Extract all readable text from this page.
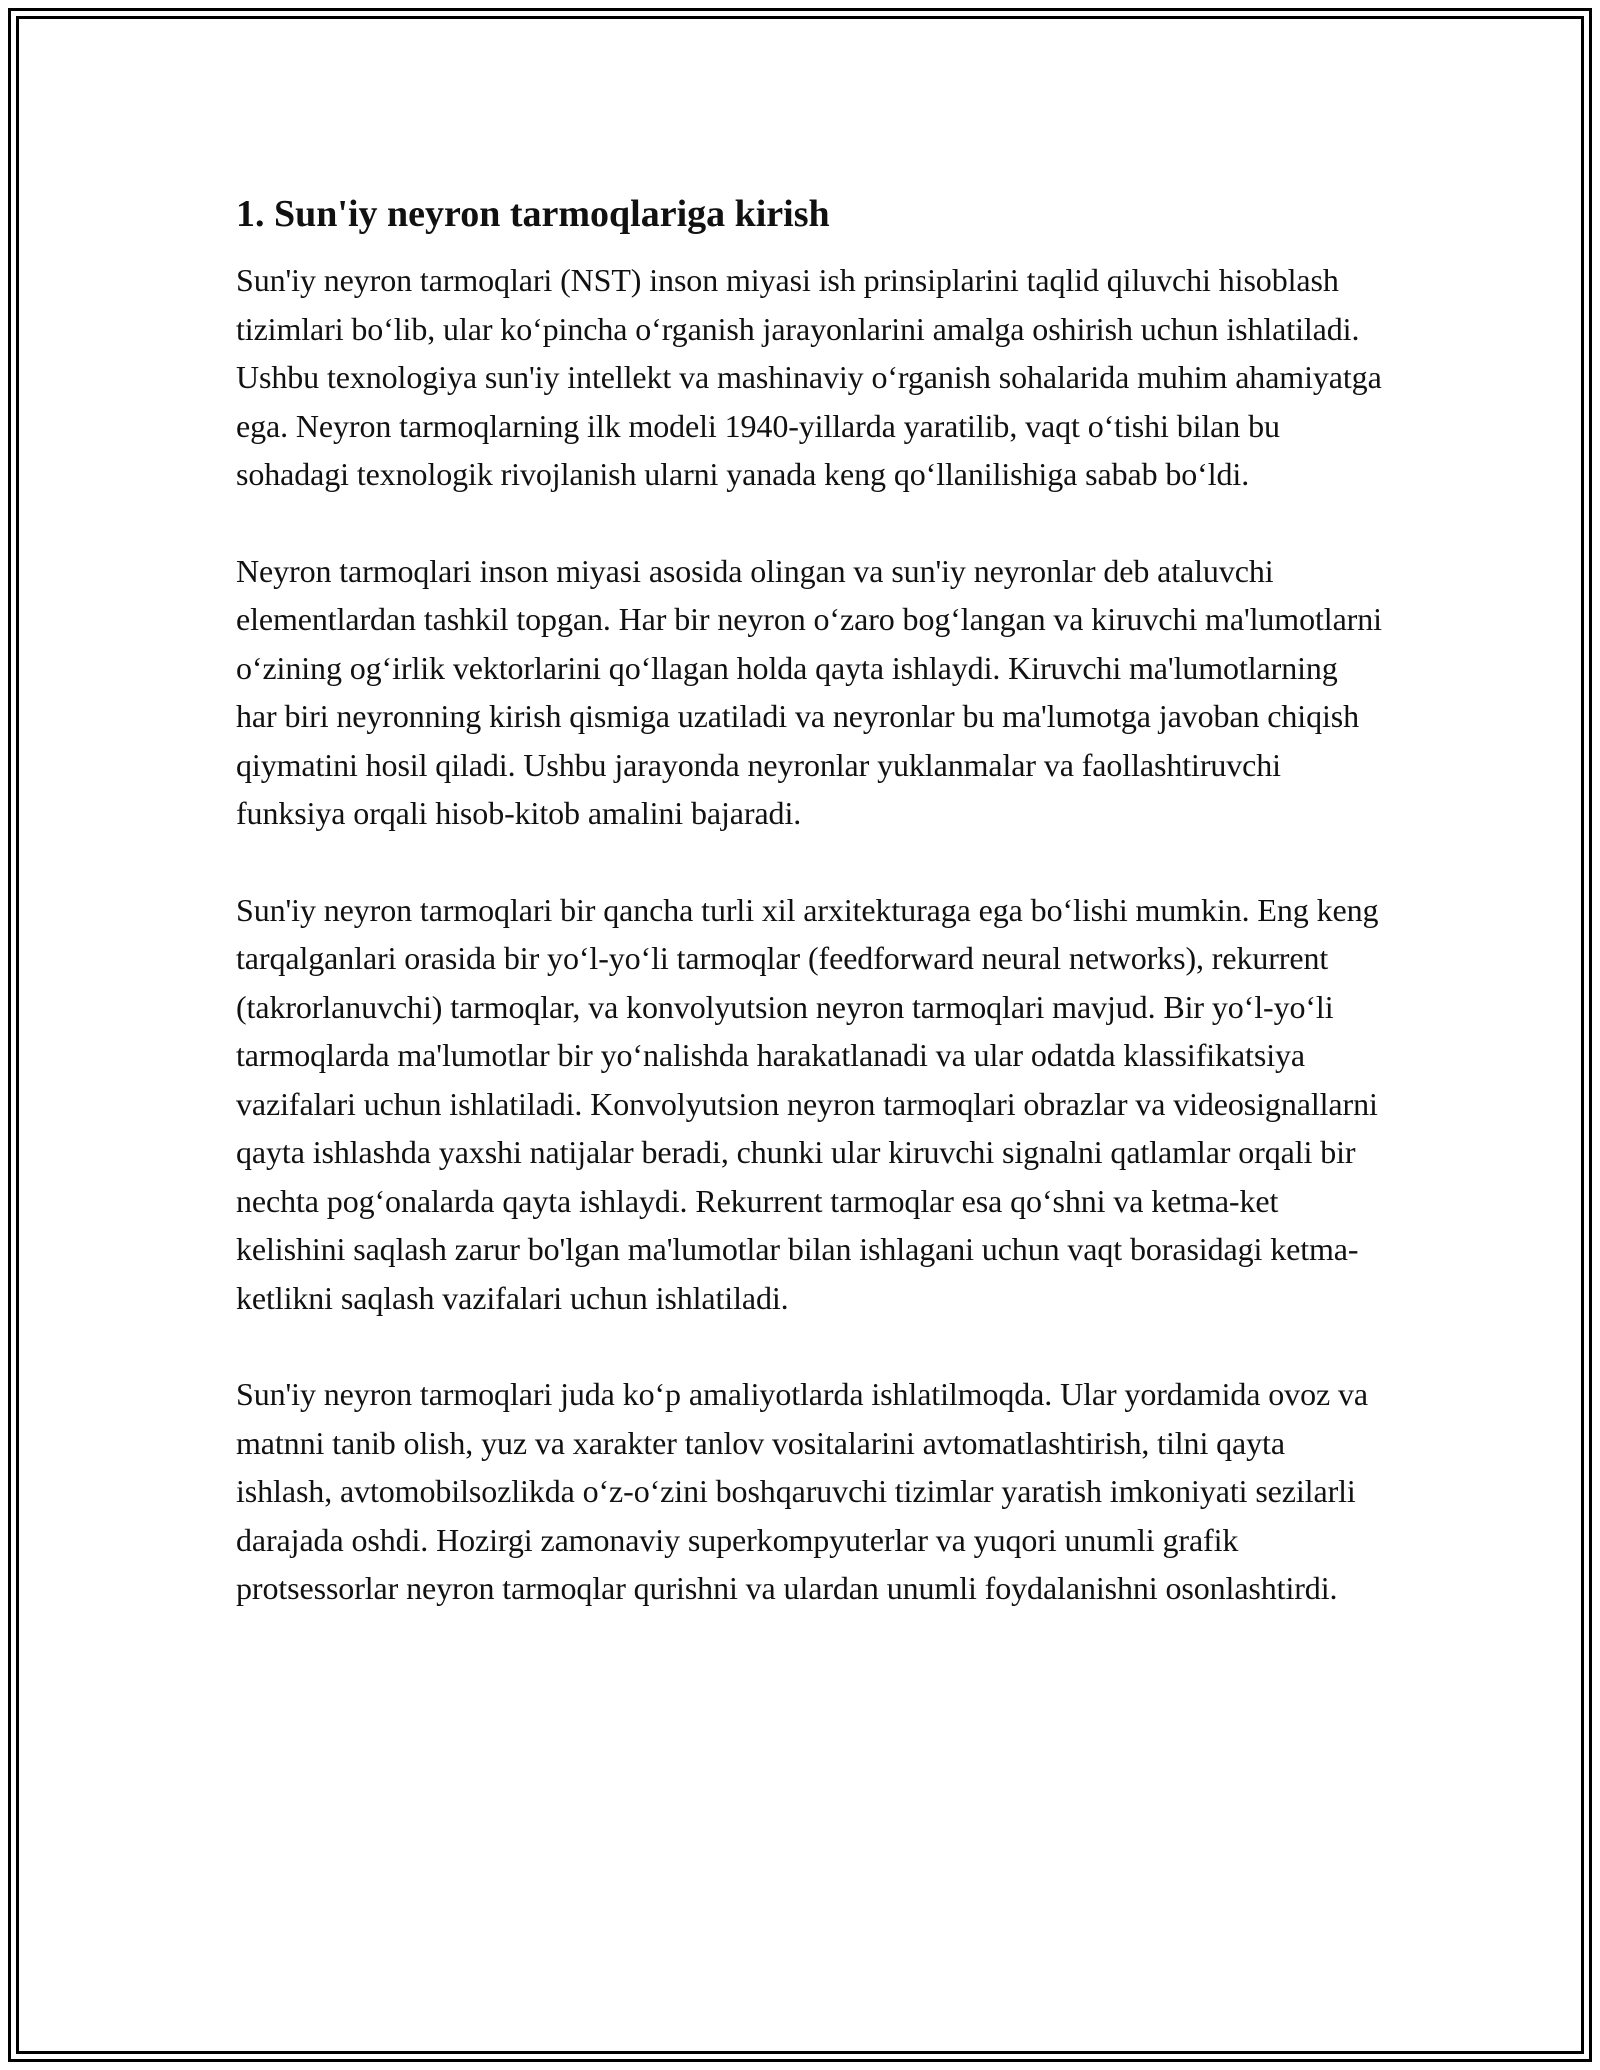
1. Sun'iy neyron tarmoqlariga kirish

Sun'iy neyron tarmoqlari (NST) inson miyasi ish prinsiplarini taqlid qiluvchi hisoblash tizimlari bo‘lib, ular ko‘pincha o‘rganish jarayonlarini amalga oshirish uchun ishlatiladi. Ushbu texnologiya sun'iy intellekt va mashinaviy o‘rganish sohalarida muhim ahamiyatga ega. Neyron tarmoqlarning ilk modeli 1940-yillarda yaratilib, vaqt o‘tishi bilan bu sohadagi texnologik rivojlanish ularni yanada keng qo‘llanilishiga sabab bo‘ldi.

Neyron tarmoqlari inson miyasi asosida olingan va sun'iy neyronlar deb ataluvchi elementlardan tashkil topgan. Har bir neyron o‘zaro bog‘langan va kiruvchi ma'lumotlarni o‘zining og‘irlik vektorlarini qo‘llagan holda qayta ishlaydi. Kiruvchi ma'lumotlarning har biri neyronning kirish qismiga uzatiladi va neyronlar bu ma'lumotga javoban chiqish qiymatini hosil qiladi. Ushbu jarayonda neyronlar yuklanmalar va faollashtiruvchi funksiya orqali hisob-kitob amalini bajaradi.

Sun'iy neyron tarmoqlari bir qancha turli xil arxitekturaga ega bo‘lishi mumkin. Eng keng tarqalganlari orasida bir yo‘l-yo‘li tarmoqlar (feedforward neural networks), rekurrent (takrorlanuvchi) tarmoqlar, va konvolyutsion neyron tarmoqlari mavjud. Bir yo‘l-yo‘li tarmoqlarda ma'lumotlar bir yo‘nalishda harakatlanadi va ular odatda klassifikatsiya vazifalari uchun ishlatiladi. Konvolyutsion neyron tarmoqlari obrazlar va videosignallarni qayta ishlashda yaxshi natijalar beradi, chunki ular kiruvchi signalni qatlamlar orqali bir nechta pog‘onalarda qayta ishlaydi. Rekurrent tarmoqlar esa qo‘shni va ketma-ket kelishini saqlash zarur bo'lgan ma'lumotlar bilan ishlagani uchun vaqt borasidagi ketma-ketlikni saqlash vazifalari uchun ishlatiladi.

Sun'iy neyron tarmoqlari juda ko‘p amaliyotlarda ishlatilmoqda. Ular yordamida ovoz va matnni tanib olish, yuz va xarakter tanlov vositalarini avtomatlashtirish, tilni qayta ishlash, avtomobilsozlikda o‘z-o‘zini boshqaruvchi tizimlar yaratish imkoniyati sezilarli darajada oshdi. Hozirgi zamonaviy superkompyuterlar va yuqori unumli grafik protsessorlar neyron tarmoqlar qurishni va ulardan unumli foydalanishni osonlashtirdi.
